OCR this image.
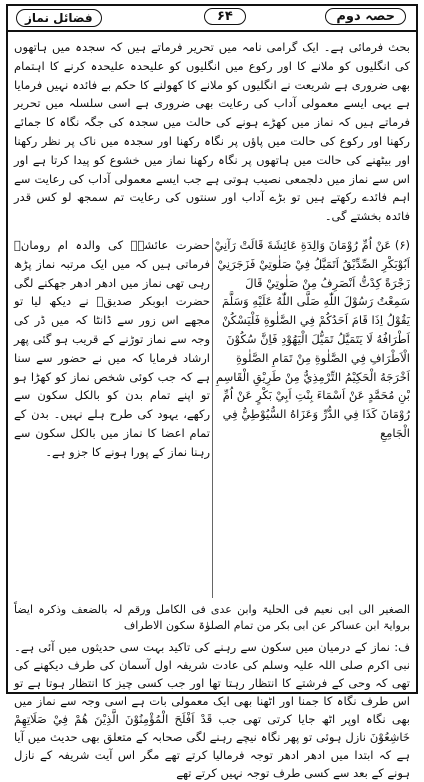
فضائل نماز	۶۴	حصہ دوم

بحث فرمائی ہے۔ ایک گرامی نامہ میں تحریر فرماتے ہیں کہ سجدہ میں ہاتھوں کی انگلیوں کو ملانے کا اور رکوع میں انگلیوں کو علیحدہ علیحدہ کرنے کا اہتمام بھی ضروری ہے شریعت نے انگلیوں کو ملانے کا کھولنے کا حکم بے فائدہ نہیں فرمایا ہے یہی ایسے معمولی آداب کی رعایت بھی ضروری ہے اسی سلسلہ میں تحریر فرماتے ہیں کہ نماز میں کھڑے ہونے کی حالت میں سجدہ کی جگہ نگاہ کا جمائے رکھنا اور رکوع کی حالت میں پاؤں پر نگاہ رکھنا اور سجدہ میں ناک پر نظر رکھنا اور بیٹھنے کی حالت میں ہاتھوں پر نگاہ رکھنا نماز میں خشوع کو پیدا کرتا ہے اور اس سے نماز میں دلجمعی نصیب ہوتی ہے جب ایسے معمولی آداب کی رعایت سے اہم فائدے رکھتے ہیں تو بڑے آداب اور سنتوں کی رعایت تم سمجھ لو کس قدر فائدہ بخشتے گی۔

(۶) عَنْ اُمِّ رُوْمَانَ وَالِدَةِ عَائِشَةَ قَالَتْ رَآنِيْ اَبُوْبَكْرِ الصِّدِّيْقُ اَتَمَيَّلُ فِيْ صَلٰوتِيْ فَزَجَرَنِيْ زَجْرَةً كِدْتُّ اَنْصَرِفُ مِنْ صَلٰوتِيْ قَالَ سَمِعْتُ رَسُوْلَ اللّٰهِ صَلَّى اللّٰهُ عَلَيْهِ وَسَلَّمَ يَقُوْلُ اِذَا قَامَ اَحَدُكُمْ فِي الصَّلٰوةِ فَلْيَسْكُنْ اَطْرَافُهُ لَا يَتَمَيَّلُ تَمَيُّلَ الْيَهُوْدِ فَاِنَّ سُكُوْنَ الْاَطْرَافِ فِي الصَّلٰوةِ مِنْ تَمَامِ الصَّلٰوةِ اَخْرَجَهُ الْحَكِيْمُ التِّرْمِذِيُّ مِنْ طَرِيْقِ الْقَاسِمِ بْنِ مُحَمَّدٍ عَنْ اَسْمَاءَ بِنْتِ اَبِيْ بَكْرٍ عَنْ اُمِّ رُوْمَانَ كَذَا فِي الدُّرِّ وَعَزَاهُ السُّيُوْطِيُّ فِي الْجَامِعِ

حضرت عائشہؓ کی والدہ ام رومانؓ فرماتی ہیں کہ میں ایک مرتبہ نماز پڑھ رہی تھی نماز میں ادھر ادھر جھکنے لگی حضرت ابوبکر صدیقؓ نے دیکھ لیا تو مجھے اس زور سے ڈانٹا کہ میں ڈر کی وجہ سے نماز توڑنے کے قریب ہو گئی پھر ارشاد فرمایا کہ میں نے حضور سے سنا ہے کہ جب کوئی شخص نماز کو کھڑا ہو تو اپنے تمام بدن کو بالکل سکون سے رکھے، یہود کی طرح ہلے نہیں۔ بدن کے تمام اعضا کا نماز میں بالکل سکون سے رہنا نماز کے پورا ہونے کا جزو ہے۔

الصغیر الی ابی نعیم فی الحلیۃ وابن عدی فی الکامل ورقم لہ بالضعف وذکرہ ایضاً بروایۃ ابن عساکر عن ابی بکر من تمام الصلوٰۃ سکون الاطراف

ف: نماز کے درمیان میں سکون سے رہنے کی تاکید بہت سی حدیثوں میں آئی ہے۔ نبی اکرم صلی اللہ علیہ وسلم کی عادت شریفہ اول آسمان کی طرف دیکھنے کی تھی کہ وحی کے فرشتے کا انتظار رہتا تھا اور جب کسی چیز کا انتظار ہوتا ہے تو اس طرف نگاہ کا جمنا اور اٹھنا بھی ایک معمولی بات ہے اسی وجہ سے نماز میں بھی نگاہ اوپر اٹھ جایا کرتی تھی جب قَدْ اَفْلَحَ الْمُؤْمِنُوْنَ الَّذِيْنَ هُمْ فِيْ صَلَاتِهِمْ خَاشِعُوْنَ نازل ہوئی تو پھر نگاہ نیچے رہنے لگی صحابہ کے متعلق بھی حدیث میں آیا ہے کہ ابتدا میں ادھر ادھر توجہ فرمالیا کرتے تھے مگر اس آیت شریفہ کے نازل ہونے کے بعد سے کسی طرف توجہ نہیں کرتے تھے
